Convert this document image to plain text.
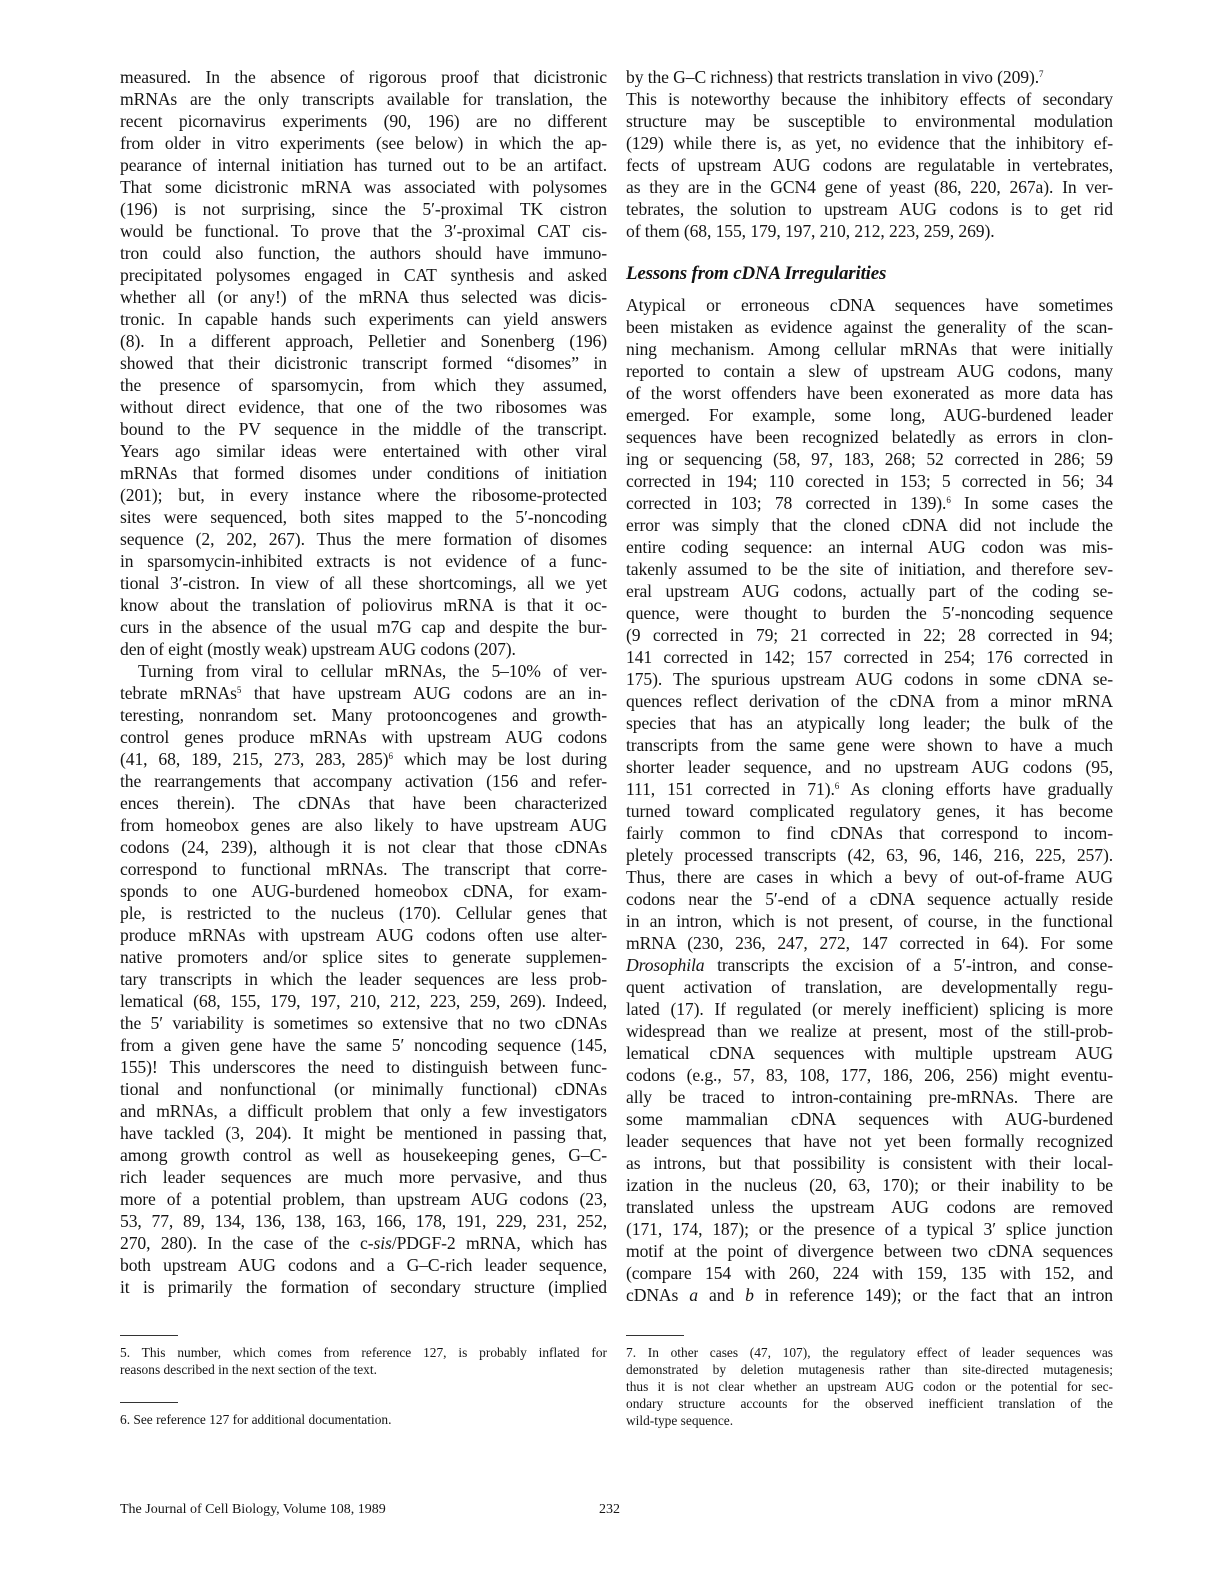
measured. In the absence of rigorous proof that dicistronic
mRNAs are the only transcripts available for translation, the
recent picornavirus experiments (90, 196) are no different
from older in vitro experiments (see below) in which the ap-
pearance of internal initiation has turned out to be an artifact.
That some dicistronic mRNA was associated with polysomes
(196) is not surprising, since the 5′-proximal TK cistron
would be functional. To prove that the 3′-proximal CAT cis-
tron could also function, the authors should have immuno-
precipitated polysomes engaged in CAT synthesis and asked
whether all (or any!) of the mRNA thus selected was dicis-
tronic. In capable hands such experiments can yield answers
(8). In a different approach, Pelletier and Sonenberg (196)
showed that their dicistronic transcript formed “disomes” in
the presence of sparsomycin, from which they assumed,
without direct evidence, that one of the two ribosomes was
bound to the PV sequence in the middle of the transcript.
Years ago similar ideas were entertained with other viral
mRNAs that formed disomes under conditions of initiation
(201); but, in every instance where the ribosome-protected
sites were sequenced, both sites mapped to the 5′-noncoding
sequence (2, 202, 267). Thus the mere formation of disomes
in sparsomycin-inhibited extracts is not evidence of a func-
tional 3′-cistron. In view of all these shortcomings, all we yet
know about the translation of poliovirus mRNA is that it oc-
curs in the absence of the usual m7G cap and despite the bur-
den of eight (mostly weak) upstream AUG codons (207).
Turning from viral to cellular mRNAs, the 5–10% of ver-
tebrate mRNAs$^5$ that have upstream AUG codons are an in-
teresting, nonrandom set. Many protooncogenes and growth-
control genes produce mRNAs with upstream AUG codons
(41, 68, 189, 215, 273, 283, 285)$^6$ which may be lost during
the rearrangements that accompany activation (156 and refer-
ences therein). The cDNAs that have been characterized
from homeobox genes are also likely to have upstream AUG
codons (24, 239), although it is not clear that those cDNAs
correspond to functional mRNAs. The transcript that corre-
sponds to one AUG-burdened homeobox cDNA, for exam-
ple, is restricted to the nucleus (170). Cellular genes that
produce mRNAs with upstream AUG codons often use alter-
native promoters and/or splice sites to generate supplemen-
tary transcripts in which the leader sequences are less prob-
lematical (68, 155, 179, 197, 210, 212, 223, 259, 269). Indeed,
the 5′ variability is sometimes so extensive that no two cDNAs
from a given gene have the same 5′ noncoding sequence (145,
155)! This underscores the need to distinguish between func-
tional and nonfunctional (or minimally functional) cDNAs
and mRNAs, a difficult problem that only a few investigators
have tackled (3, 204). It might be mentioned in passing that,
among growth control as well as housekeeping genes, G–C-
rich leader sequences are much more pervasive, and thus
more of a potential problem, than upstream AUG codons (23,
53, 77, 89, 134, 136, 138, 163, 166, 178, 191, 229, 231, 252,
270, 280). In the case of the c-sis/PDGF-2 mRNA, which has
both upstream AUG codons and a G–C-rich leader sequence,
it is primarily the formation of secondary structure (implied
5. This number, which comes from reference 127, is probably inflated for
reasons described in the next section of the text.
6. See reference 127 for additional documentation.
by the G–C richness) that restricts translation in vivo (209).$^7$
This is noteworthy because the inhibitory effects of secondary
structure may be susceptible to environmental modulation
(129) while there is, as yet, no evidence that the inhibitory ef-
fects of upstream AUG codons are regulatable in vertebrates,
as they are in the GCN4 gene of yeast (86, 220, 267a). In ver-
tebrates, the solution to upstream AUG codons is to get rid
of them (68, 155, 179, 197, 210, 212, 223, 259, 269).
Lessons from cDNA Irregularities
Atypical or erroneous cDNA sequences have sometimes
been mistaken as evidence against the generality of the scan-
ning mechanism. Among cellular mRNAs that were initially
reported to contain a slew of upstream AUG codons, many
of the worst offenders have been exonerated as more data has
emerged. For example, some long, AUG-burdened leader
sequences have been recognized belatedly as errors in clon-
ing or sequencing (58, 97, 183, 268; 52 corrected in 286; 59
corrected in 194; 110 corected in 153; 5 corrected in 56; 34
corrected in 103; 78 corrected in 139).$^6$ In some cases the
error was simply that the cloned cDNA did not include the
entire coding sequence: an internal AUG codon was mis-
takenly assumed to be the site of initiation, and therefore sev-
eral upstream AUG codons, actually part of the coding se-
quence, were thought to burden the 5′-noncoding sequence
(9 corrected in 79; 21 corrected in 22; 28 corrected in 94;
141 corrected in 142; 157 corrected in 254; 176 corrected in
175). The spurious upstream AUG codons in some cDNA se-
quences reflect derivation of the cDNA from a minor mRNA
species that has an atypically long leader; the bulk of the
transcripts from the same gene were shown to have a much
shorter leader sequence, and no upstream AUG codons (95,
111, 151 corrected in 71).$^6$ As cloning efforts have gradually
turned toward complicated regulatory genes, it has become
fairly common to find cDNAs that correspond to incom-
pletely processed transcripts (42, 63, 96, 146, 216, 225, 257).
Thus, there are cases in which a bevy of out-of-frame AUG
codons near the 5′-end of a cDNA sequence actually reside
in an intron, which is not present, of course, in the functional
mRNA (230, 236, 247, 272, 147 corrected in 64). For some
Drosophila transcripts the excision of a 5′-intron, and conse-
quent activation of translation, are developmentally regu-
lated (17). If regulated (or merely inefficient) splicing is more
widespread than we realize at present, most of the still-prob-
lematical cDNA sequences with multiple upstream AUG
codons (e.g., 57, 83, 108, 177, 186, 206, 256) might eventu-
ally be traced to intron-containing pre-mRNAs. There are
some mammalian cDNA sequences with AUG-burdened
leader sequences that have not yet been formally recognized
as introns, but that possibility is consistent with their local-
ization in the nucleus (20, 63, 170); or their inability to be
translated unless the upstream AUG codons are removed
(171, 174, 187); or the presence of a typical 3′ splice junction
motif at the point of divergence between two cDNA sequences
(compare 154 with 260, 224 with 159, 135 with 152, and
cDNAs a and b in reference 149); or the fact that an intron
7. In other cases (47, 107), the regulatory effect of leader sequences was
demonstrated by deletion mutagenesis rather than site-directed mutagenesis;
thus it is not clear whether an upstream AUG codon or the potential for sec-
ondary structure accounts for the observed inefficient translation of the
wild-type sequence.
The Journal of Cell Biology, Volume 108, 1989	232
